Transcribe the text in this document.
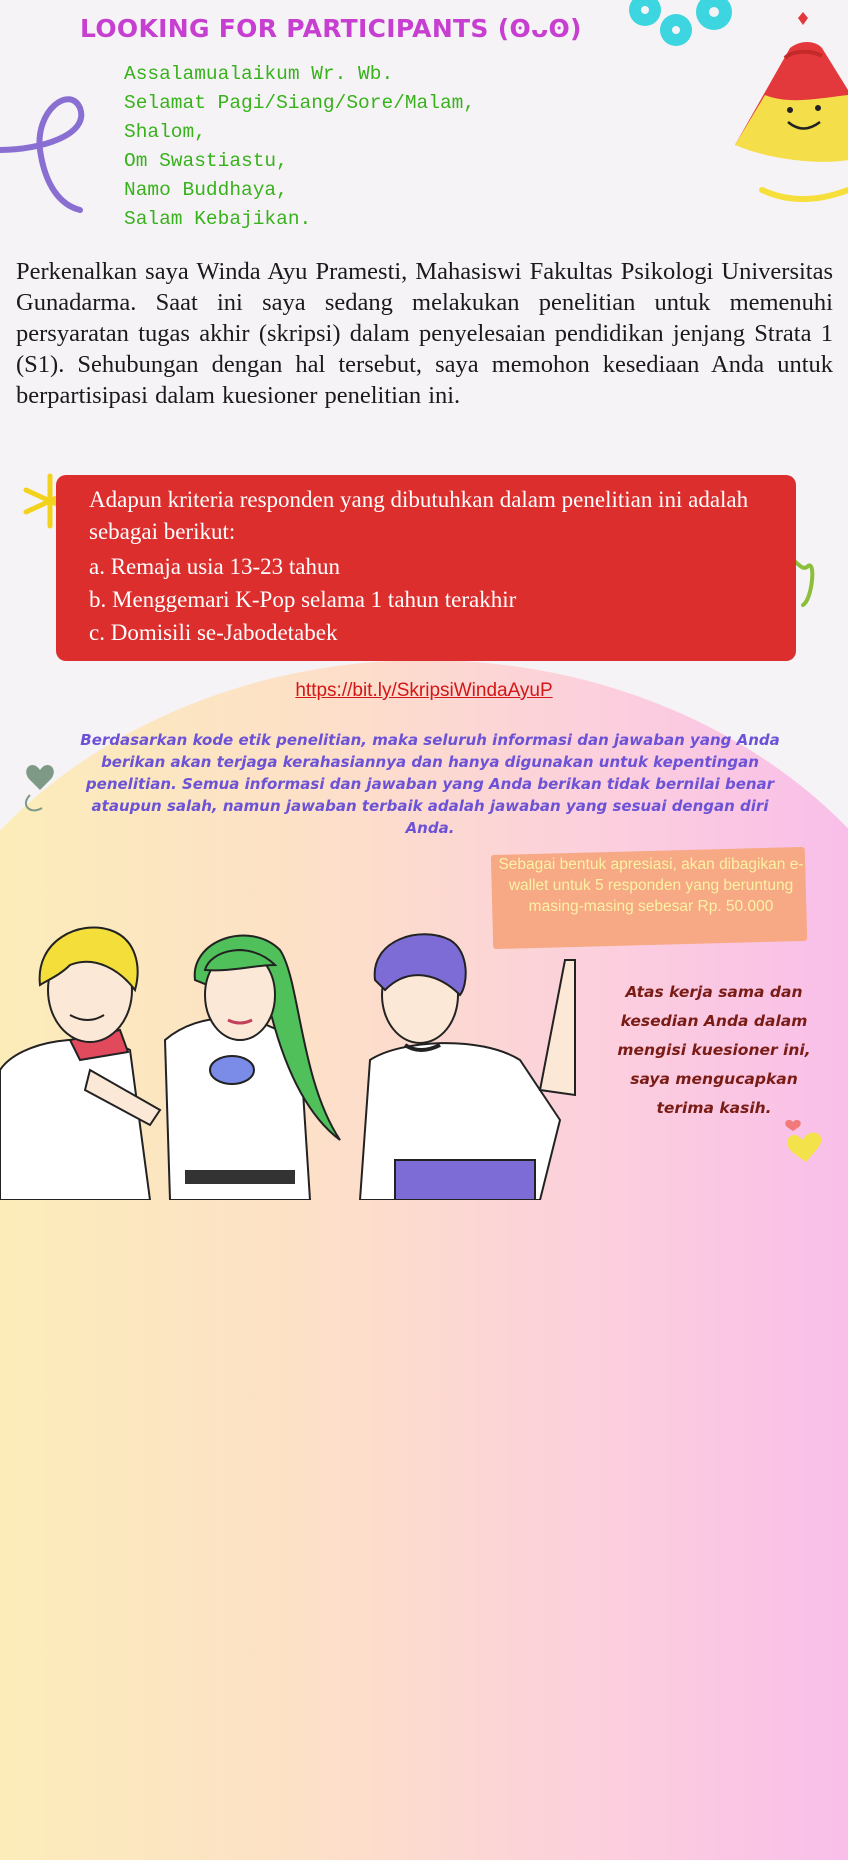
LOOKING FOR PARTICIPANTS (ʘᴗʘ)
Assalamualaikum Wr. Wb.
Selamat Pagi/Siang/Sore/Malam,
Shalom,
Om Swastiastu,
Namo Buddhaya,
Salam Kebajikan.

Perkenalkan saya Winda Ayu Pramesti, Mahasiswi Fakultas Psikologi Universitas Gunadarma. Saat ini saya sedang melakukan penelitian untuk memenuhi persyaratan tugas akhir (skripsi) dalam penyelesaian pendidikan jenjang Strata 1 (S1). Sehubungan dengan hal tersebut, saya memohon kesediaan Anda untuk berpartisipasi dalam kuesioner penelitian ini.

Adapun kriteria responden yang dibutuhkan dalam penelitian ini adalah sebagai berikut:

a. Remaja usia 13-23 tahun
b. Menggemari K-Pop selama 1 tahun terakhir
c. Domisili se-Jabodetabek
https://bit.ly/SkripsiWindaAyuP

Berdasarkan kode etik penelitian, maka seluruh informasi dan jawaban yang Anda berikan akan terjaga kerahasiannya dan hanya digunakan untuk kepentingan penelitian. Semua informasi dan jawaban yang Anda berikan tidak bernilai benar ataupun salah, namun jawaban terbaik adalah jawaban yang sesuai dengan diri Anda.

Sebagai bentuk apresiasi, akan dibagikan e-wallet untuk 5 responden yang beruntung masing-masing sebesar Rp. 50.000

Atas kerja sama dan kesedian Anda dalam mengisi kuesioner ini, saya mengucapkan terima kasih.
